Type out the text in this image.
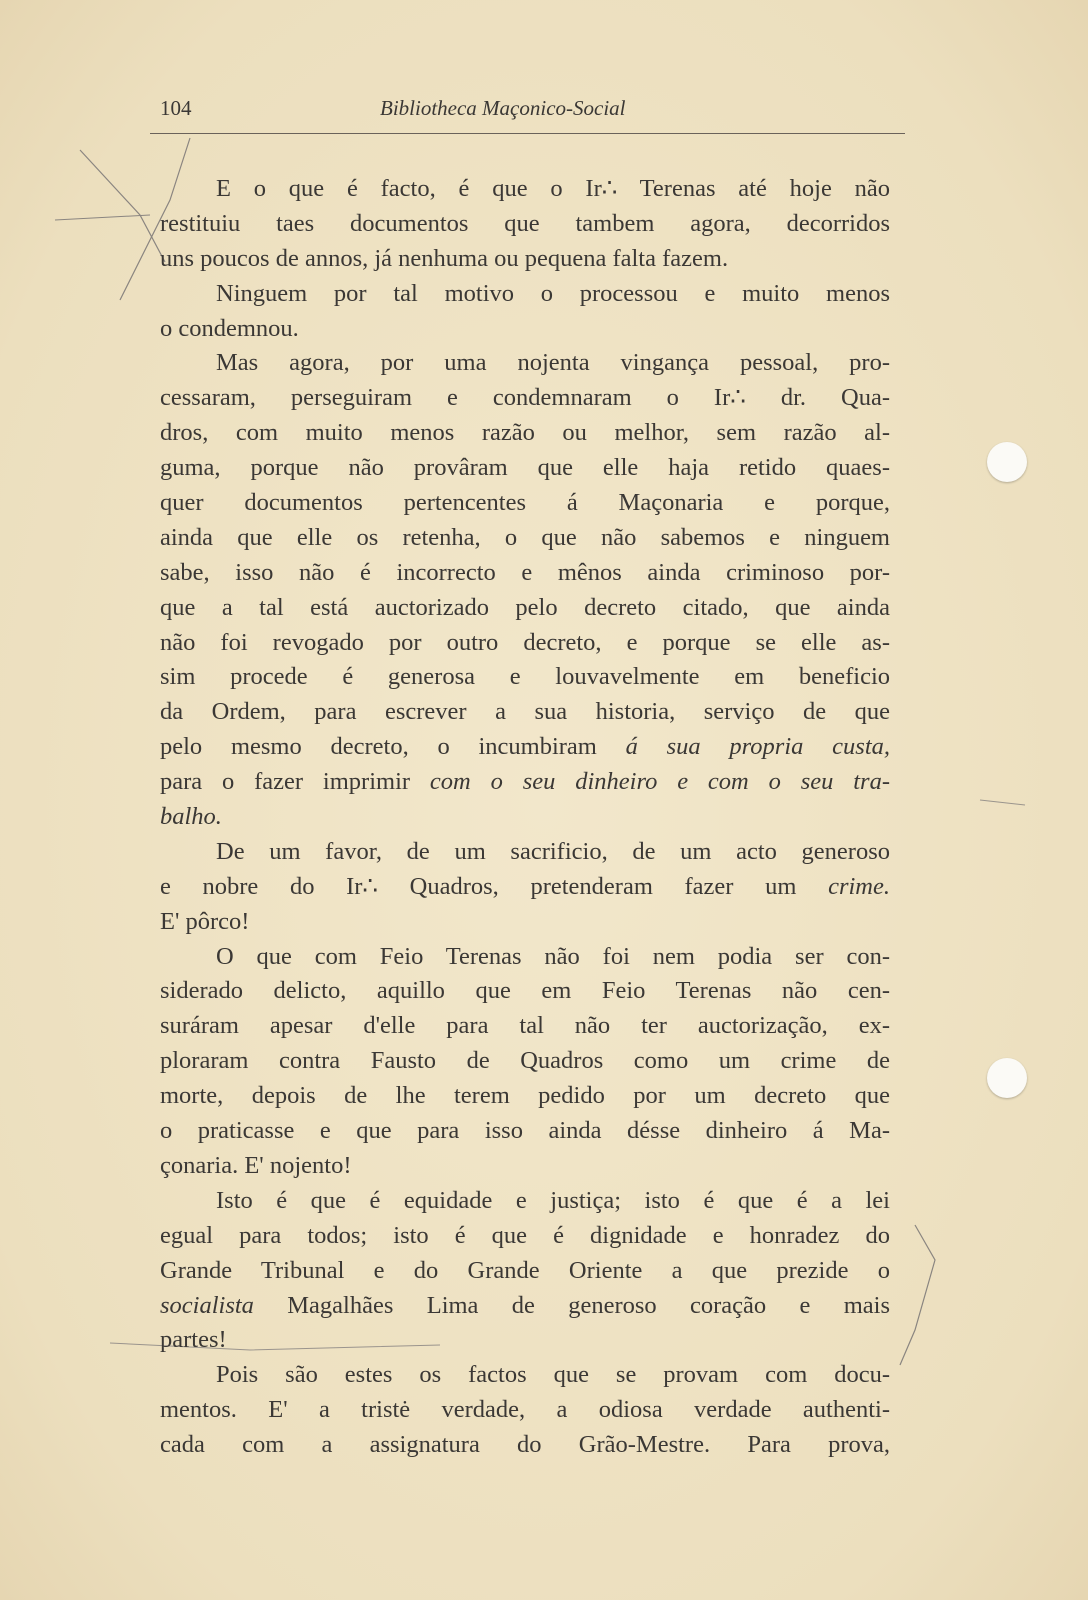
104	Bibliotheca Maçonico-Social
E o que é facto, é que o Ir∴ Terenas até hoje não
restituiu taes documentos que tambem agora, decorridos
uns poucos de annos, já nenhuma ou pequena falta fazem.
Ninguem por tal motivo o processou e muito menos
o condemnou.
Mas agora, por uma nojenta vingança pessoal, pro-
cessaram, perseguiram e condemnaram o Ir∴ dr. Qua-
dros, com muito menos razão ou melhor, sem razão al-
guma, porque não provâram que elle haja retido quaes-
quer documentos pertencentes á Maçonaria e porque,
ainda que elle os retenha, o que não sabemos e ninguem
sabe, isso não é incorrecto e mênos ainda criminoso por-
que a tal está auctorizado pelo decreto citado, que ainda
não foi revogado por outro decreto, e porque se elle as-
sim procede é generosa e louvavelmente em beneficio
da Ordem, para escrever a sua historia, serviço de que
pelo mesmo decreto, o incumbiram á sua propria custa,
para o fazer imprimir com o seu dinheiro e com o seu tra-
balho.
De um favor, de um sacrificio, de um acto generoso
e nobre do Ir∴ Quadros, pretenderam fazer um crime.
E' pôrco!
O que com Feio Terenas não foi nem podia ser con-
siderado delicto, aquillo que em Feio Terenas não cen-
suráram apesar d'elle para tal não ter auctorização, ex-
ploraram contra Fausto de Quadros como um crime de
morte, depois de lhe terem pedido por um decreto que
o praticasse e que para isso ainda désse dinheiro á Ma-
çonaria. E' nojento!
Isto é que é equidade e justiça; isto é que é a lei
egual para todos; isto é que é dignidade e honradez do
Grande Tribunal e do Grande Oriente a que prezide o
socialista Magalhães Lima de generoso coração e mais
partes!
Pois são estes os factos que se provam com docu-
mentos. E' a tristė verdade, a odiosa verdade authenti-
cada com a assignatura do Grão-Mestre. Para prova,
